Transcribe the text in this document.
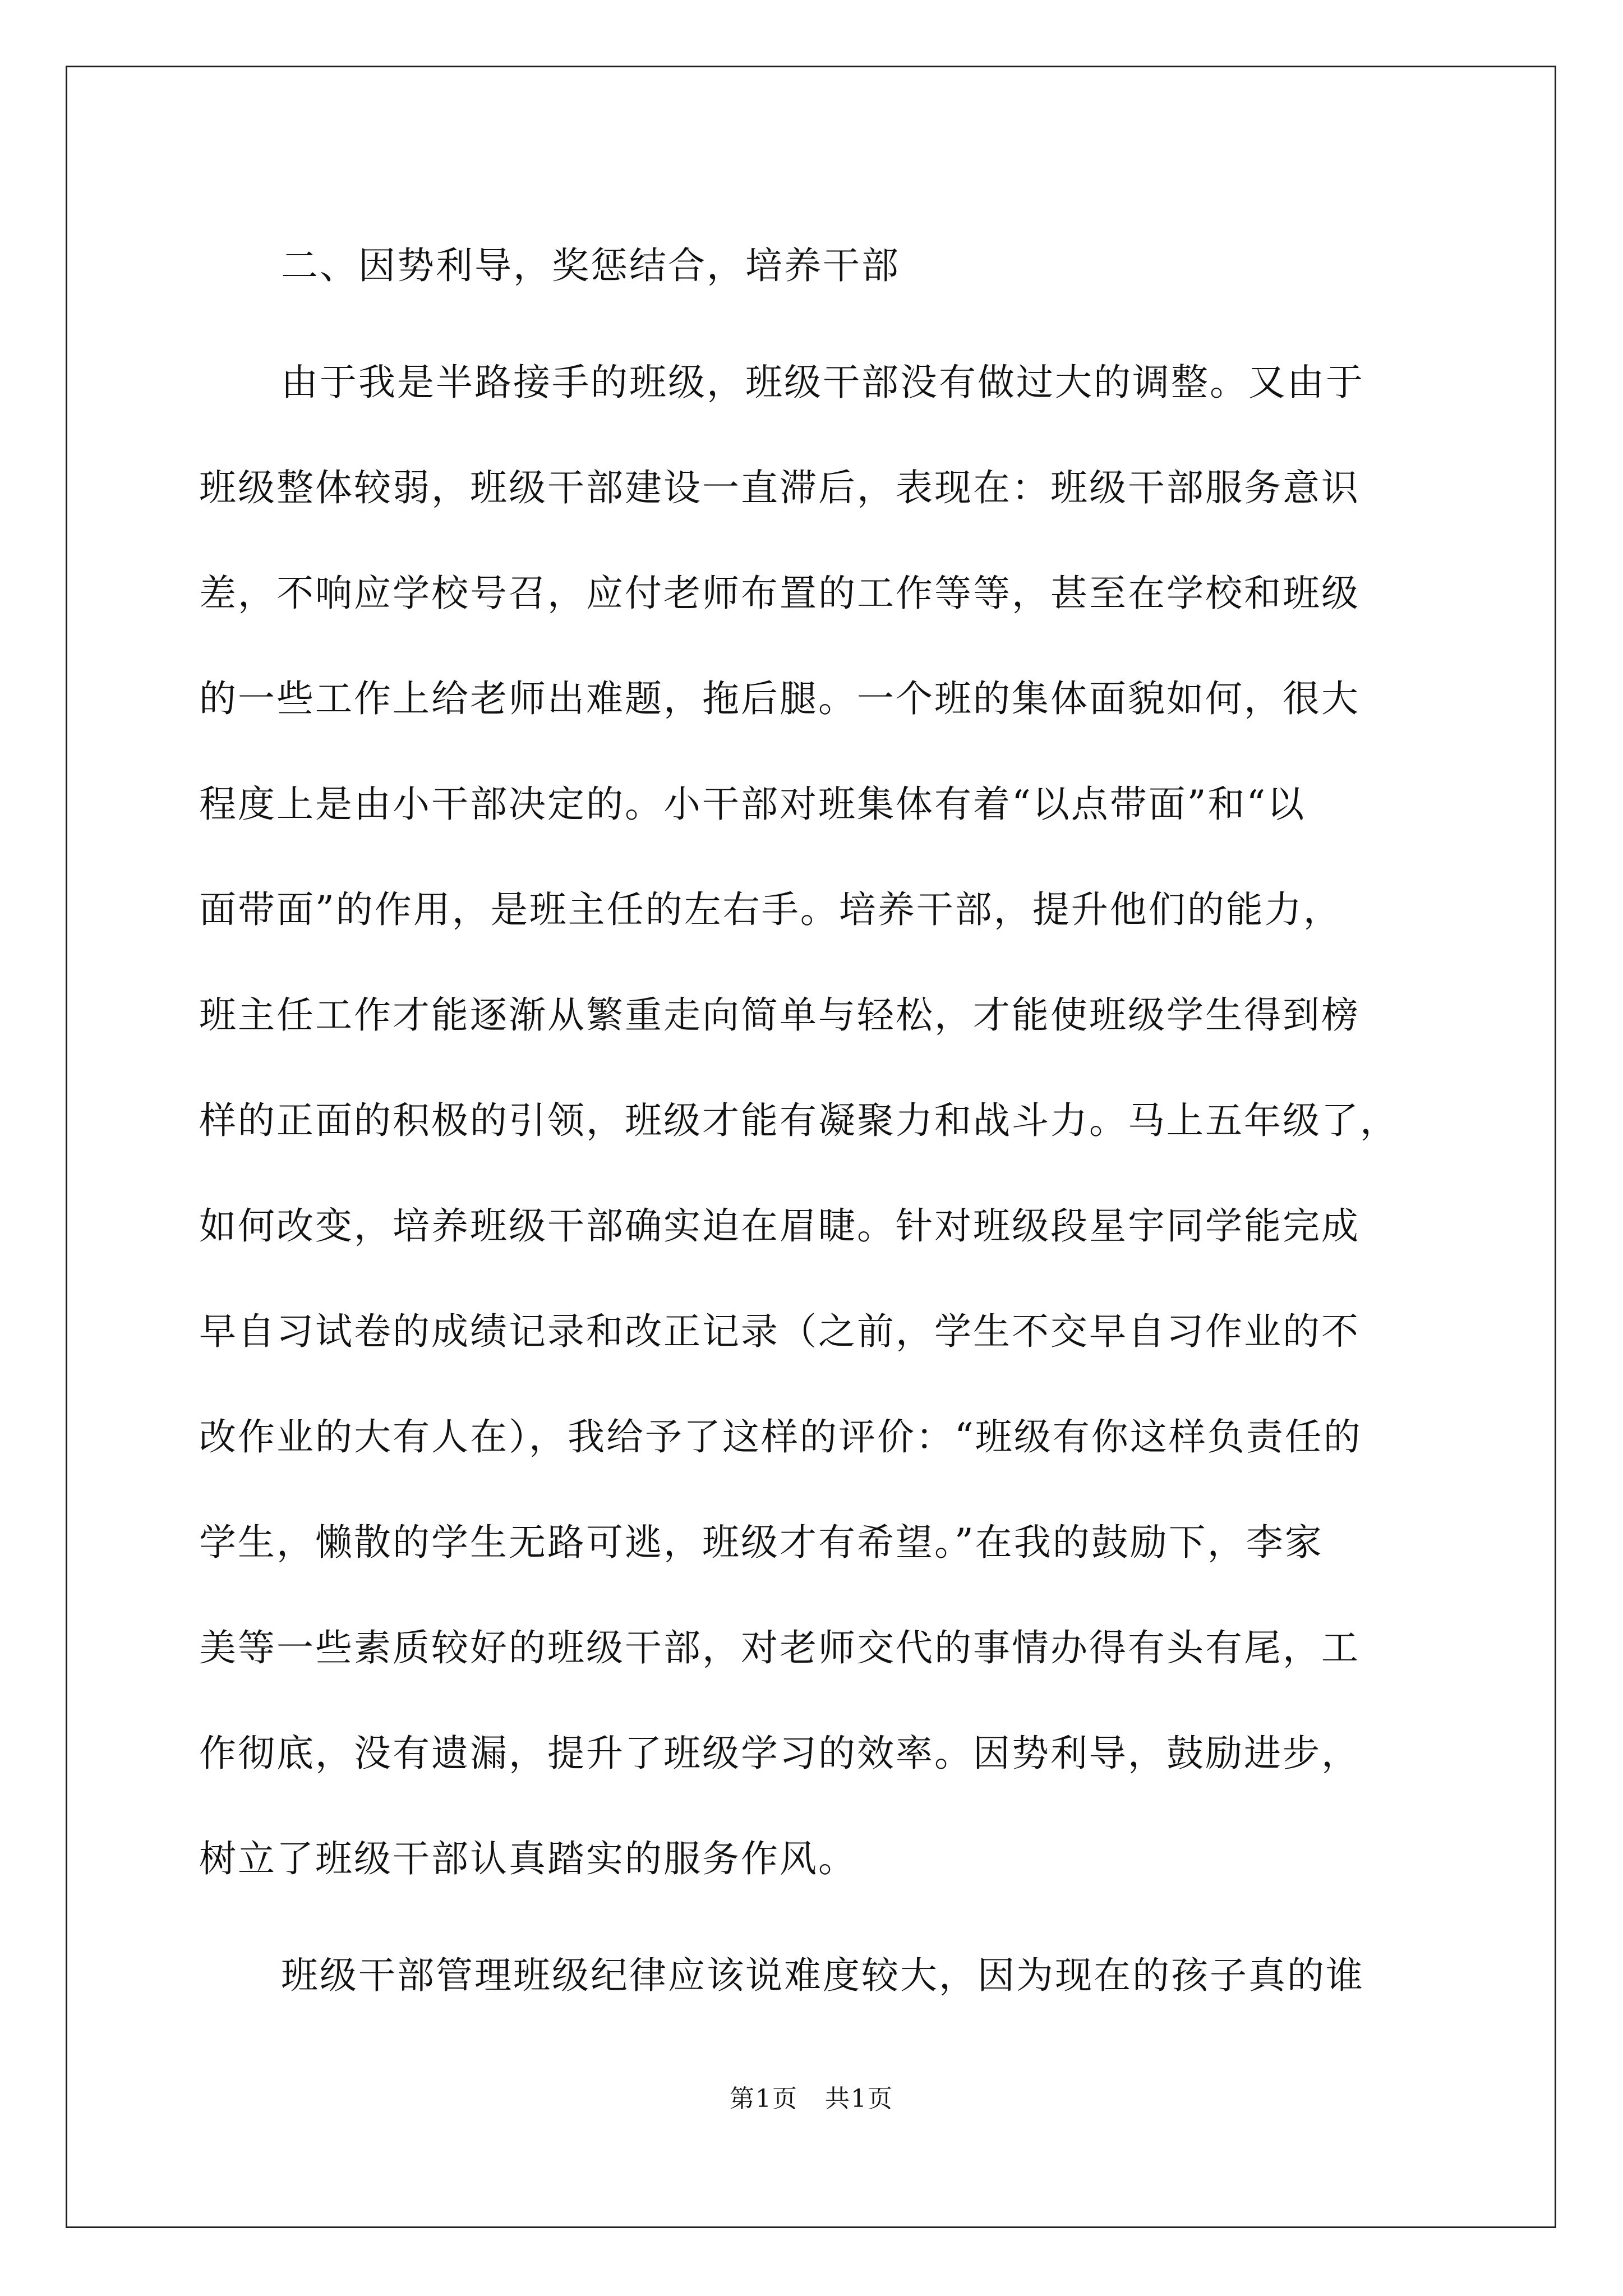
二、因势利导，奖惩结合，培养干部
由于我是半路接手的班级，班级干部没有做过大的调整。又由于
班级整体较弱，班级干部建设一直滞后，表现在：班级干部服务意识
差，不响应学校号召，应付老师布置的工作等等，甚至在学校和班级
的一些工作上给老师出难题，拖后腿。一个班的集体面貌如何，很大
程度上是由小干部决定的。小干部对班集体有着“以点带面”和“以
面带面”的作用，是班主任的左右手。培养干部，提升他们的能力，
班主任工作才能逐渐从繁重走向简单与轻松，才能使班级学生得到榜
样的正面的积极的引领，班级才能有凝聚力和战斗力。马上五年级了，
如何改变，培养班级干部确实迫在眉睫。针对班级段星宇同学能完成
早自习试卷的成绩记录和改正记录（之前，学生不交早自习作业的不
改作业的大有人在），我给予了这样的评价：“班级有你这样负责任的
学生，懒散的学生无路可逃，班级才有希望。”在我的鼓励下，李家
美等一些素质较好的班级干部，对老师交代的事情办得有头有尾，工
作彻底，没有遗漏，提升了班级学习的效率。因势利导，鼓励进步，
树立了班级干部认真踏实的服务作风。
班级干部管理班级纪律应该说难度较大，因为现在的孩子真的谁
第1页 共1页
